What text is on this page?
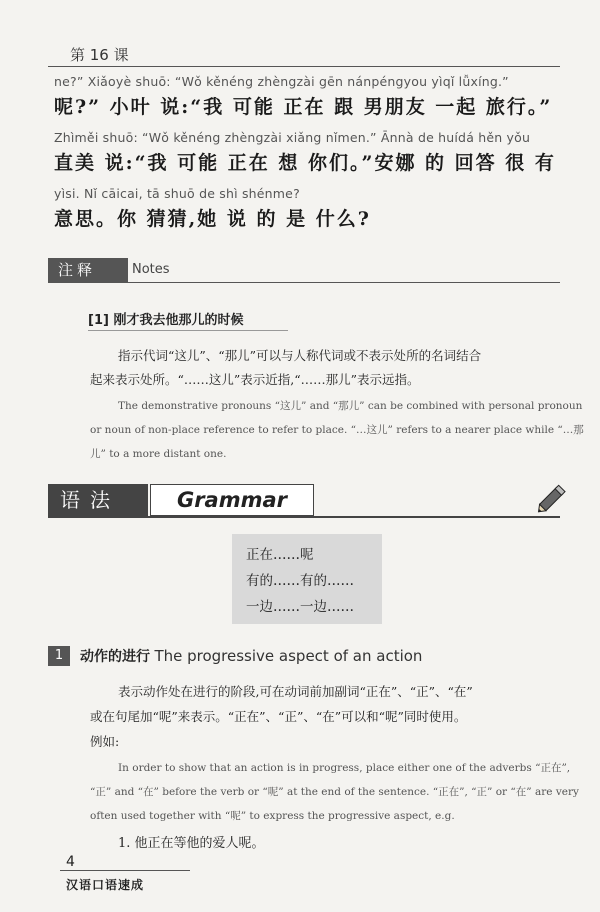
第 16 课
ne?” Xiǎoyè shuō: “Wǒ kěnéng zhèngzài gēn nánpéngyou yìqǐ lǚxíng.”
呢?” 小叶 说:“我 可能 正在 跟 男朋友 一起 旅行。”
Zhìměi shuō: “Wǒ kěnéng zhèngzài xiǎng nǐmen.” Ānnà de huídá hěn yǒu
直美 说:“我 可能 正在 想 你们。”安娜 的 回答 很 有
yìsi. Nǐ cāicai, tā shuō de shì shénme?
意思。你 猜猜,她 说 的 是 什么?
注释	Notes
[1] 刚才我去他那儿的时候
指示代词“这儿”、“那儿”可以与人称代词或不表示处所的名词结合
起来表示处所。“……这儿”表示近指,“……那儿”表示远指。
The demonstrative pronouns “这儿” and “那儿” can be combined with personal pronoun
or noun of non-place reference to refer to place. “…这儿” refers to a nearer place while “…那
儿” to a more distant one.
语法	Grammar
正在……呢
有的……有的……
一边……一边……
1	动作的进行 The progressive aspect of an action
表示动作处在进行的阶段,可在动词前加副词“正在”、“正”、“在”
或在句尾加“呢”来表示。“正在”、“正”、“在”可以和“呢”同时使用。
例如:
In order to show that an action is in progress, place either one of the adverbs “正在”,
“正” and “在” before the verb or “呢” at the end of the sentence. “正在”, “正” or “在” are very
often used together with “呢” to express the progressive aspect, e.g.
1. 他正在等他的爱人呢。
4
汉语口语速成
